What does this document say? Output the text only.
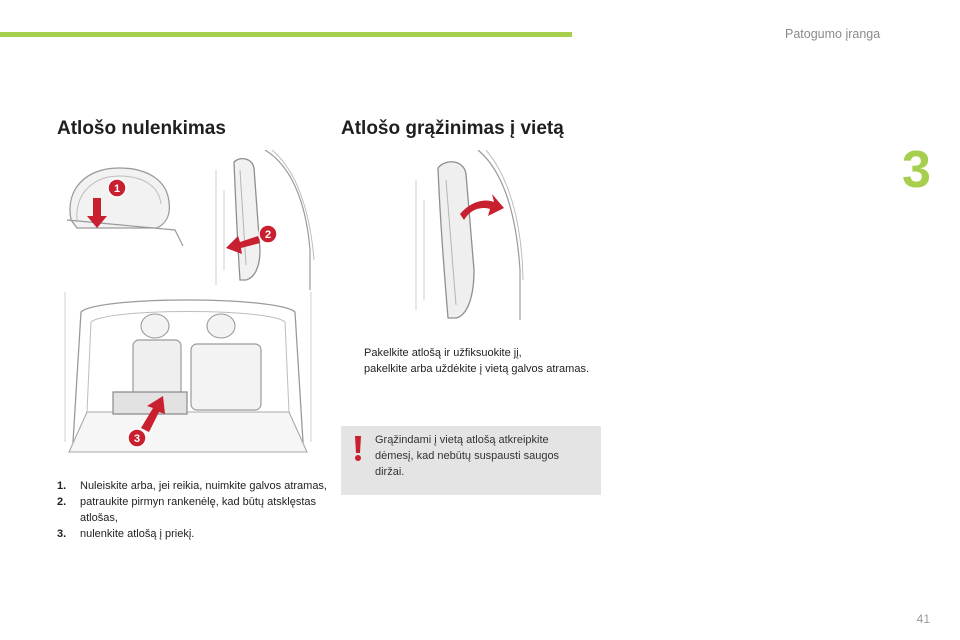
Patogumo įranga
3
Atlošo nulenkimas	Atlošo grąžinimas į vietą
1
2
3
1. Nuleiskite arba, jei reikia, nuimkite galvos atramas,
2. patraukite pirmyn rankenėlę, kad būtų atsklęstas atlošas,
3. nulenkite atlošą į priekį.
Pakelkite atlošą ir užfiksuokite jį,
pakelkite arba uždėkite į vietą galvos atramas.
Grąžindami į vietą atlošą atkreipkite dėmesį, kad nebūtų suspausti saugos diržai.
41
